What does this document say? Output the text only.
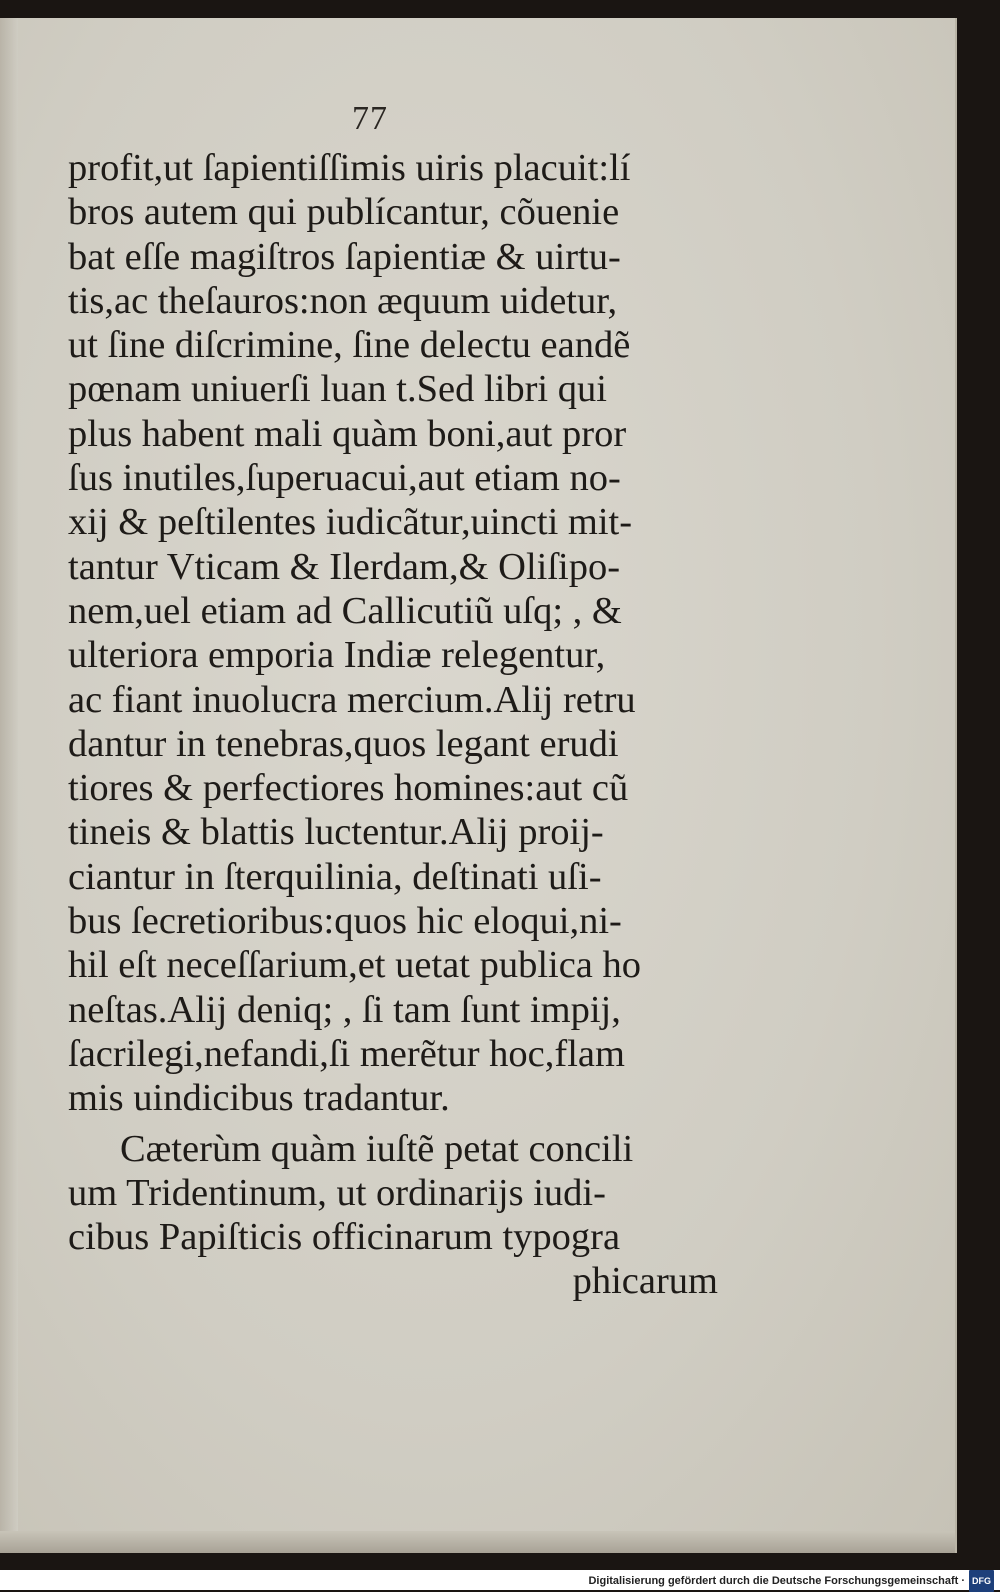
77
profit,ut ſapientiſſimis uiris placuit:lí
bros autem qui publícantur, cõuenie
bat eſſe magiſtros ſapientiæ & uirtu-
tis,ac theſauros:non æquum uidetur,
ut ſine diſcrimine, ſine delectu eandẽ
pœnam uniuerſi luan t.Sed libri qui
plus habent mali quàm boni,aut pror
ſus inutiles,ſuperuacui,aut etiam no-
xij & peſtilentes iudicãtur,uincti mit-
tantur Vticam & Ilerdam,& Oliſipo-
nem,uel etiam ad Callicutiũ uſq; , &
ulteriora emporia Indiæ relegentur,
ac fiant inuolucra mercium.Alij retru
dantur in tenebras,quos legant erudi
tiores & perfectiores homines:aut cũ
tineis & blattis luctentur.Alij proij-
ciantur in ſterquilinia, deſtinati uſi-
bus ſecretioribus:quos hic eloqui,ni-
hil eſt neceſſarium,et uetat publica ho
neſtas.Alij deniq; , ſi tam ſunt impij,
ſacrilegi,nefandi,ſi merẽtur hoc,flam
mis uindicibus tradantur.
Cæterùm quàm iuſtẽ petat concili
um Tridentinum, ut ordinarijs iudi-
cibus Papiſticis officinarum typogra
phicarum
Digitalisierung gefördert durch die Deutsche Forschungsgemeinschaft · DFG
